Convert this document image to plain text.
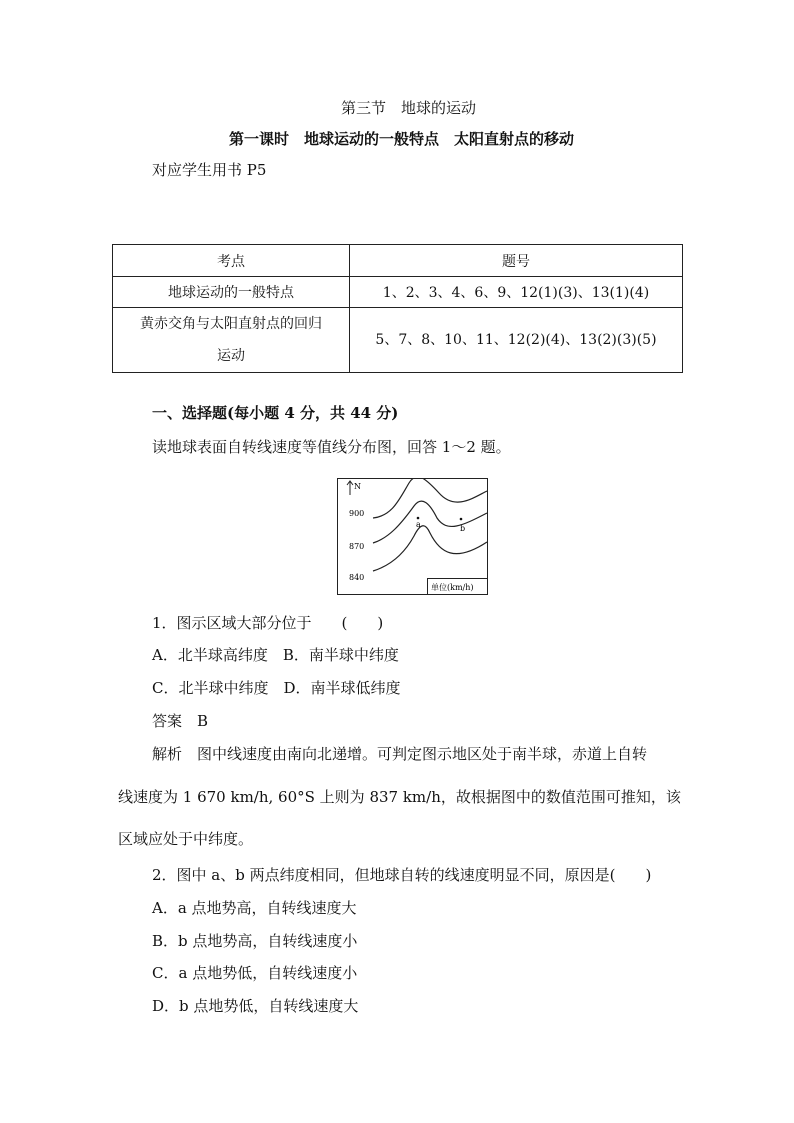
第三节　地球的运动
第一课时　地球运动的一般特点　太阳直射点的移动
对应学生用书 P5
考点	题号
地球运动的一般特点	1、2、3、4、6、9、12(1)(3)、13(1)(4)

黄赤交角与太阳直射点的回归
运动	5、7、8、10、11、12(2)(4)、13(2)(3)(5)
一、选择题(每小题 4 分，共 44 分)
读地球表面自转线速度等值线分布图，回答 1～2 题。
N
900
870
840
a	b
单位(km/h)
1．图示区域大部分位于　　(　　)
A．北半球高纬度　B．南半球中纬度
C．北半球中纬度　D．南半球低纬度
答案　B
解析　图中线速度由南向北递增。可判定图示地区处于南半球，赤道上自转
线速度为 1 670 km/h, 60°S 上则为 837 km/h，故根据图中的数值范围可推知，该
区域应处于中纬度。
2．图中 a、b 两点纬度相同，但地球自转的线速度明显不同，原因是(　　)
A．a 点地势高，自转线速度大
B．b 点地势高，自转线速度小
C．a 点地势低，自转线速度小
D．b 点地势低，自转线速度大
